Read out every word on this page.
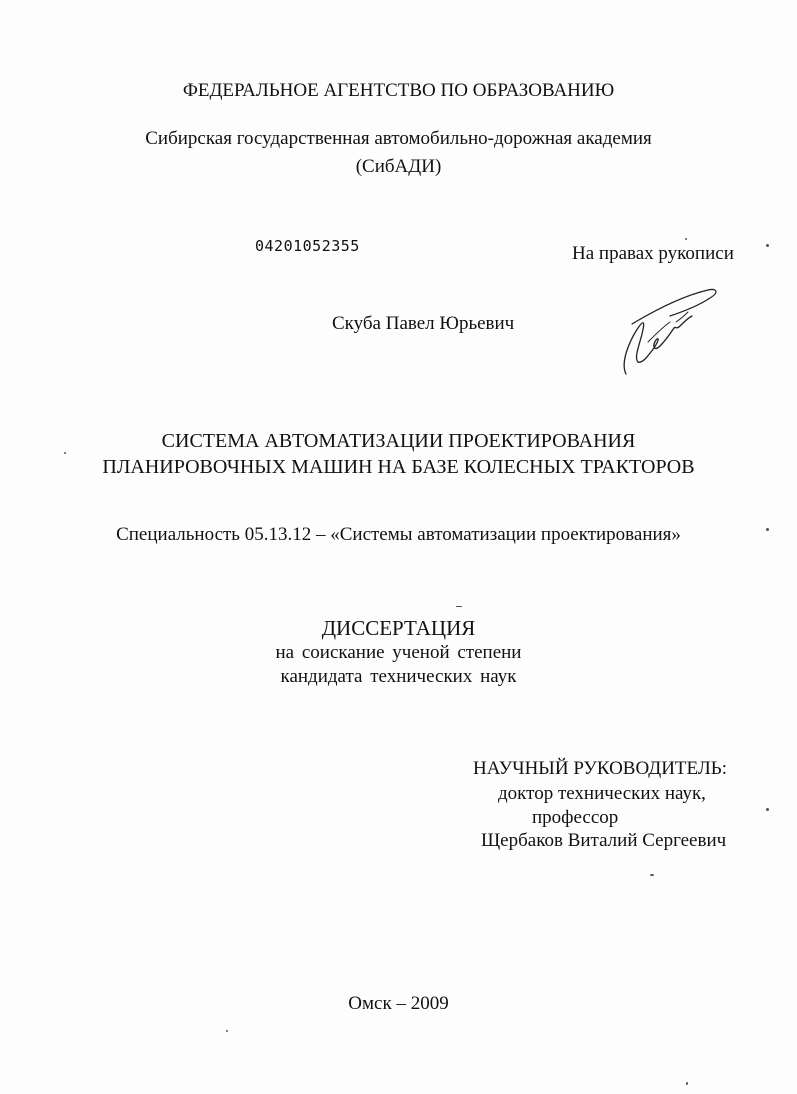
ФЕДЕРАЛЬНОЕ АГЕНТСТВО ПО ОБРАЗОВАНИЮ
Сибирская государственная автомобильно-дорожная академия
(СибАДИ)
04201052355	На правах рукописи
Скуба Павел Юрьевич
СИСТЕМА АВТОМАТИЗАЦИИ ПРОЕКТИРОВАНИЯ
ПЛАНИРОВОЧНЫХ МАШИН НА БАЗЕ КОЛЕСНЫХ ТРАКТОРОВ
Специальность 05.13.12 – «Системы автоматизации проектирования»
ДИССЕРТАЦИЯ
на соискание ученой степени
кандидата технических наук
НАУЧНЫЙ РУКОВОДИТЕЛЬ:
доктор технических наук,
профессор
Щербаков Виталий Сергеевич
Омск – 2009
